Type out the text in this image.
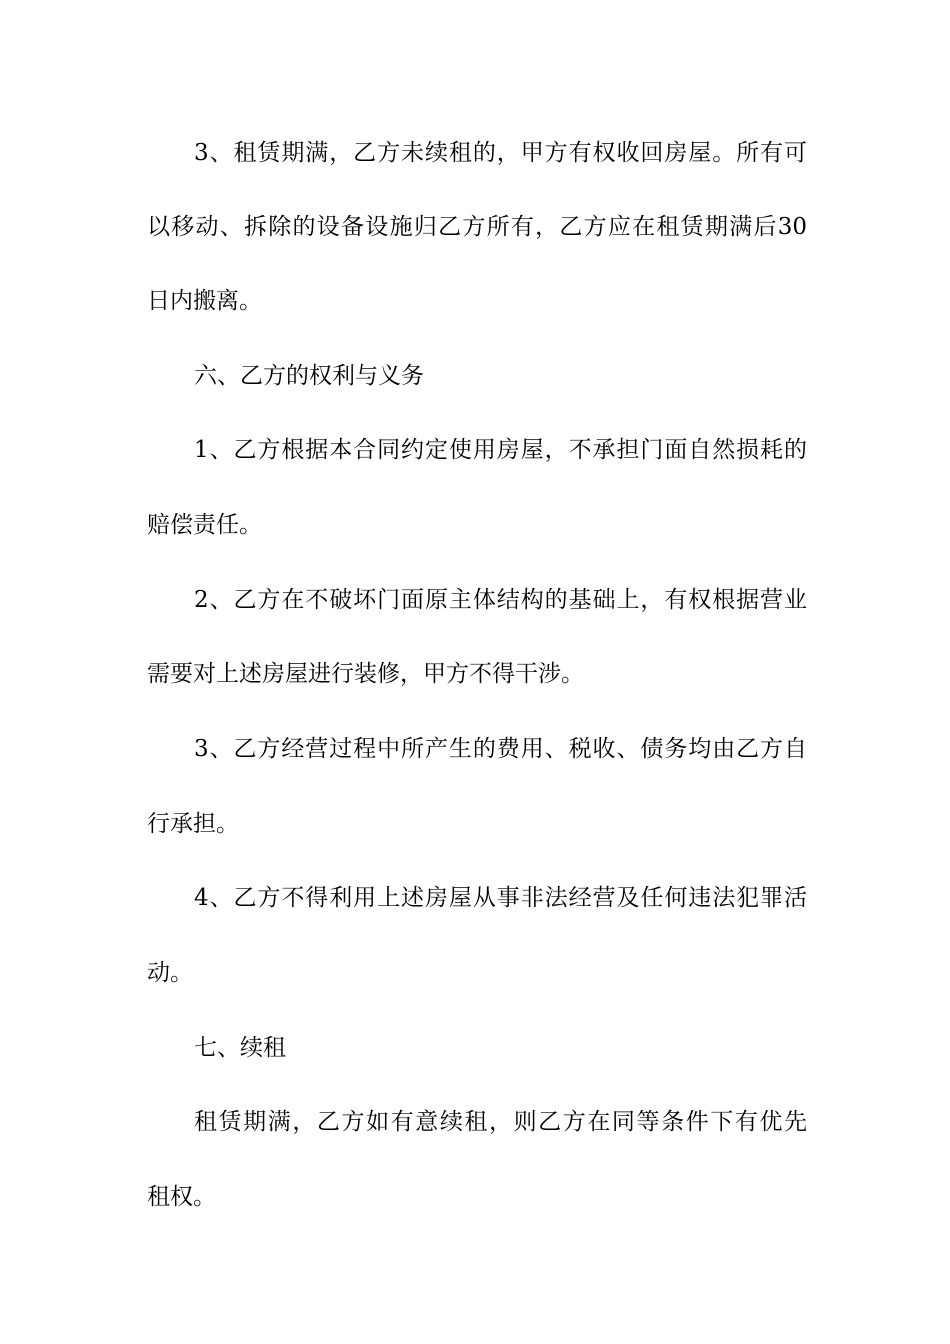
3、租赁期满，乙方未续租的，甲方有权收回房屋。所有可
以移动、拆除的设备设施归乙方所有，乙方应在租赁期满后30
日内搬离。
六、乙方的权利与义务
1、乙方根据本合同约定使用房屋，不承担门面自然损耗的
赔偿责任。
2、乙方在不破坏门面原主体结构的基础上，有权根据营业
需要对上述房屋进行装修，甲方不得干涉。
3、乙方经营过程中所产生的费用、税收、债务均由乙方自
行承担。
4、乙方不得利用上述房屋从事非法经营及任何违法犯罪活
动。
七、续租
租赁期满，乙方如有意续租，则乙方在同等条件下有优先
租权。
